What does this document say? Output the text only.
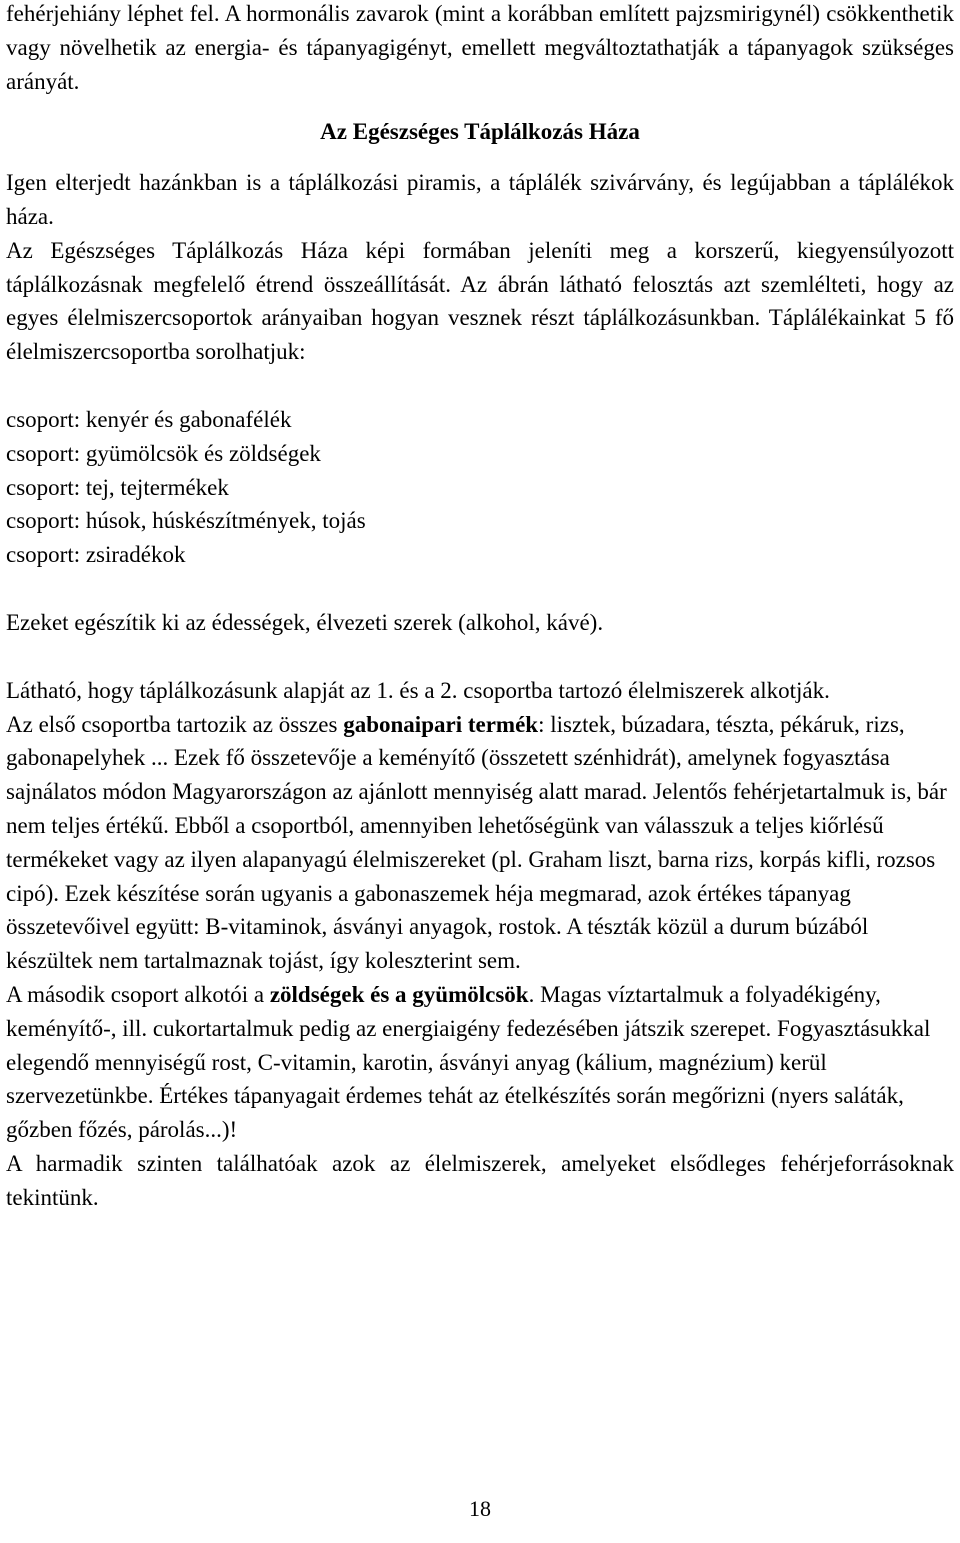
fehérjehiány léphet fel. A hormonális zavarok (mint a korábban említett pajzsmirigynél) csökkenthetik vagy növelhetik az energia- és tápanyagigényt, emellett megváltoztathatják a tápanyagok szükséges arányát.

Az Egészséges Táplálkozás Háza

Igen elterjedt hazánkban is a táplálkozási piramis, a táplálék szivárvány, és legújabban a táplálékok háza.

Az Egészséges Táplálkozás Háza képi formában jeleníti meg a korszerű, kiegyensúlyozott táplálkozásnak megfelelő étrend összeállítását. Az ábrán látható felosztás azt szemlélteti, hogy az egyes élelmiszercsoportok arányaiban hogyan vesznek részt táplálkozásunkban. Táplálékainkat 5 fő élelmiszercsoportba sorolhatjuk:

csoport: kenyér és gabonafélék

csoport: gyümölcsök és zöldségek

csoport: tej, tejtermékek

csoport: húsok, húskészítmények, tojás

csoport: zsiradékok

Ezeket egészítik ki az édességek, élvezeti szerek (alkohol, kávé).

Látható, hogy táplálkozásunk alapját az 1. és a 2. csoportba tartozó élelmiszerek alkotják.

Az első csoportba tartozik az összes gabonaipari termék: lisztek, búzadara, tészta, pékáruk, rizs, gabonapelyhek ... Ezek fő összetevője a keményítő (összetett szénhidrát), amelynek fogyasztása sajnálatos módon Magyarországon az ajánlott mennyiség alatt marad. Jelentős fehérjetartalmuk is, bár nem teljes értékű. Ebből a csoportból, amennyiben lehetőségünk van válasszuk a teljes kiőrlésű termékeket vagy az ilyen alapanyagú élelmiszereket (pl. Graham liszt, barna rizs, korpás kifli, rozsos cipó). Ezek készítése során ugyanis a gabonaszemek héja megmarad, azok értékes tápanyag összetevőivel együtt: B-vitaminok, ásványi anyagok, rostok. A tészták közül a durum búzából készültek nem tartalmaznak tojást, így koleszterint sem.

A második csoport alkotói a zöldségek és a gyümölcsök. Magas víztartalmuk a folyadékigény, keményítő-, ill. cukortartalmuk pedig az energiaigény fedezésében játszik szerepet. Fogyasztásukkal elegendő mennyiségű rost, C-vitamin, karotin, ásványi anyag (kálium, magnézium) kerül szervezetünkbe. Értékes tápanyagait érdemes tehát az ételkészítés során megőrizni (nyers saláták, gőzben főzés, párolás...)!

A harmadik szinten találhatóak azok az élelmiszerek, amelyeket elsődleges fehérjeforrásoknak tekintünk.

18
